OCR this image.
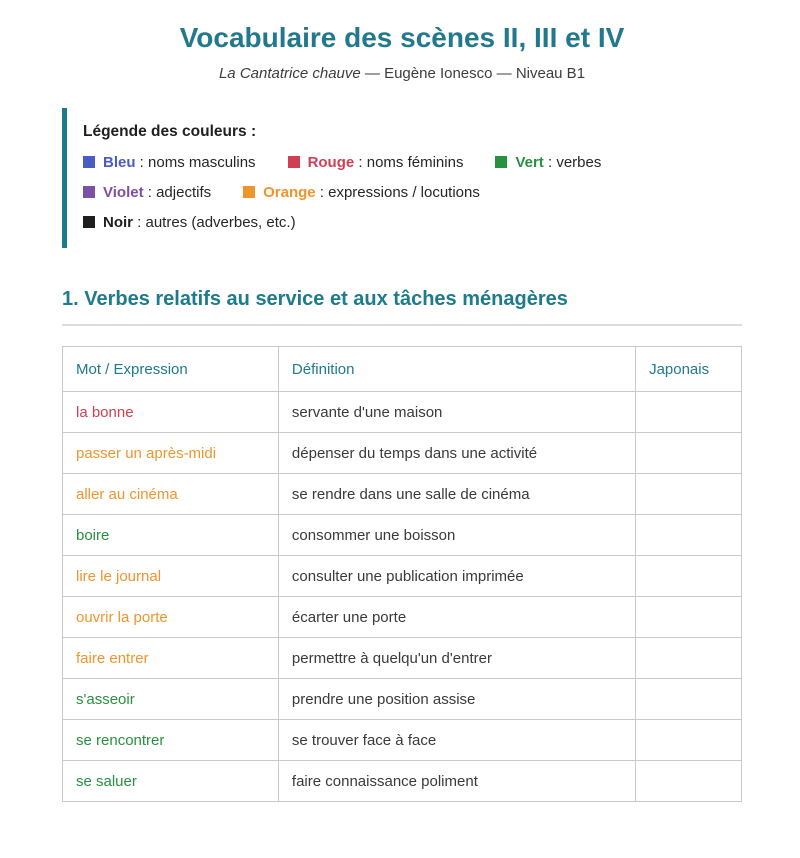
Vocabulaire des scènes II, III et IV
La Cantatrice chauve — Eugène Ionesco — Niveau B1
Légende des couleurs :
Bleu : noms masculins	Rouge : noms féminins	Vert : verbes
Violet : adjectifs	Orange : expressions / locutions
Noir : autres (adverbes, etc.)
1. Verbes relatifs au service et aux tâches ménagères
Mot / Expression	Définition	Japonais
la bonne	servante d'une maison	
passer un après-midi	dépenser du temps dans une activité	
aller au cinéma	se rendre dans une salle de cinéma	
boire	consommer une boisson	
lire le journal	consulter une publication imprimée	
ouvrir la porte	écarter une porte	
faire entrer	permettre à quelqu'un d'entrer	
s'asseoir	prendre une position assise	
se rencontrer	se trouver face à face	
se saluer	faire connaissance poliment	
